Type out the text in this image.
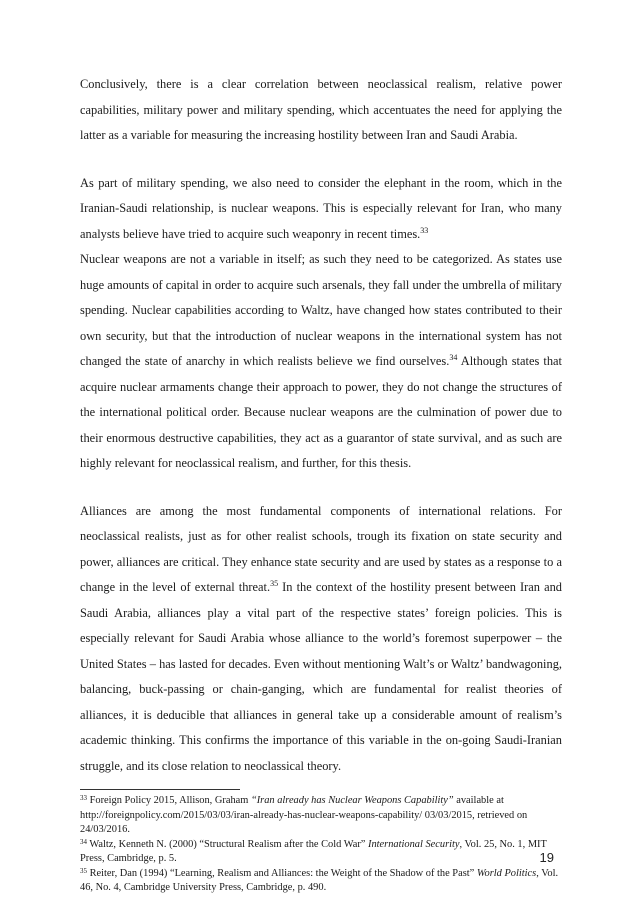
Conclusively, there is a clear correlation between neoclassical realism, relative power capabilities, military power and military spending, which accentuates the need for applying the latter as a variable for measuring the increasing hostility between Iran and Saudi Arabia.

As part of military spending, we also need to consider the elephant in the room, which in the Iranian-Saudi relationship, is nuclear weapons. This is especially relevant for Iran, who many analysts believe have tried to acquire such weaponry in recent times.$^{33}$

Nuclear weapons are not a variable in itself; as such they need to be categorized. As states use huge amounts of capital in order to acquire such arsenals, they fall under the umbrella of military spending. Nuclear capabilities according to Waltz, have changed how states contributed to their own security, but that the introduction of nuclear weapons in the international system has not changed the state of anarchy in which realists believe we find ourselves.$^{34}$ Although states that acquire nuclear armaments change their approach to power, they do not change the structures of the international political order. Because nuclear weapons are the culmination of power due to their enormous destructive capabilities, they act as a guarantor of state survival, and as such are highly relevant for neoclassical realism, and further, for this thesis.

Alliances are among the most fundamental components of international relations. For neoclassical realists, just as for other realist schools, trough its fixation on state security and power, alliances are critical. They enhance state security and are used by states as a response to a change in the level of external threat.$^{35}$ In the context of the hostility present between Iran and Saudi Arabia, alliances play a vital part of the respective states’ foreign policies. This is especially relevant for Saudi Arabia whose alliance to the world’s foremost superpower – the United States – has lasted for decades. Even without mentioning Walt’s or Waltz’ bandwagoning, balancing, buck-passing or chain-ganging, which are fundamental for realist theories of alliances, it is deducible that alliances in general take up a considerable amount of realism’s academic thinking. This confirms the importance of this variable in the on-going Saudi-Iranian struggle, and its close relation to neoclassical theory.

$^{33}$ Foreign Policy 2015, Allison, Graham “Iran already has Nuclear Weapons Capability” available at http://foreignpolicy.com/2015/03/03/iran-already-has-nuclear-weapons-capability/ 03/03/2015, retrieved on 24/03/2016.

$^{34}$ Waltz, Kenneth N. (2000) “Structural Realism after the Cold War” International Security, Vol. 25, No. 1, MIT Press, Cambridge, p. 5.

$^{35}$ Reiter, Dan (1994) “Learning, Realism and Alliances: the Weight of the Shadow of the Past” World Politics, Vol. 46, No. 4, Cambridge University Press, Cambridge, p. 490.

19
